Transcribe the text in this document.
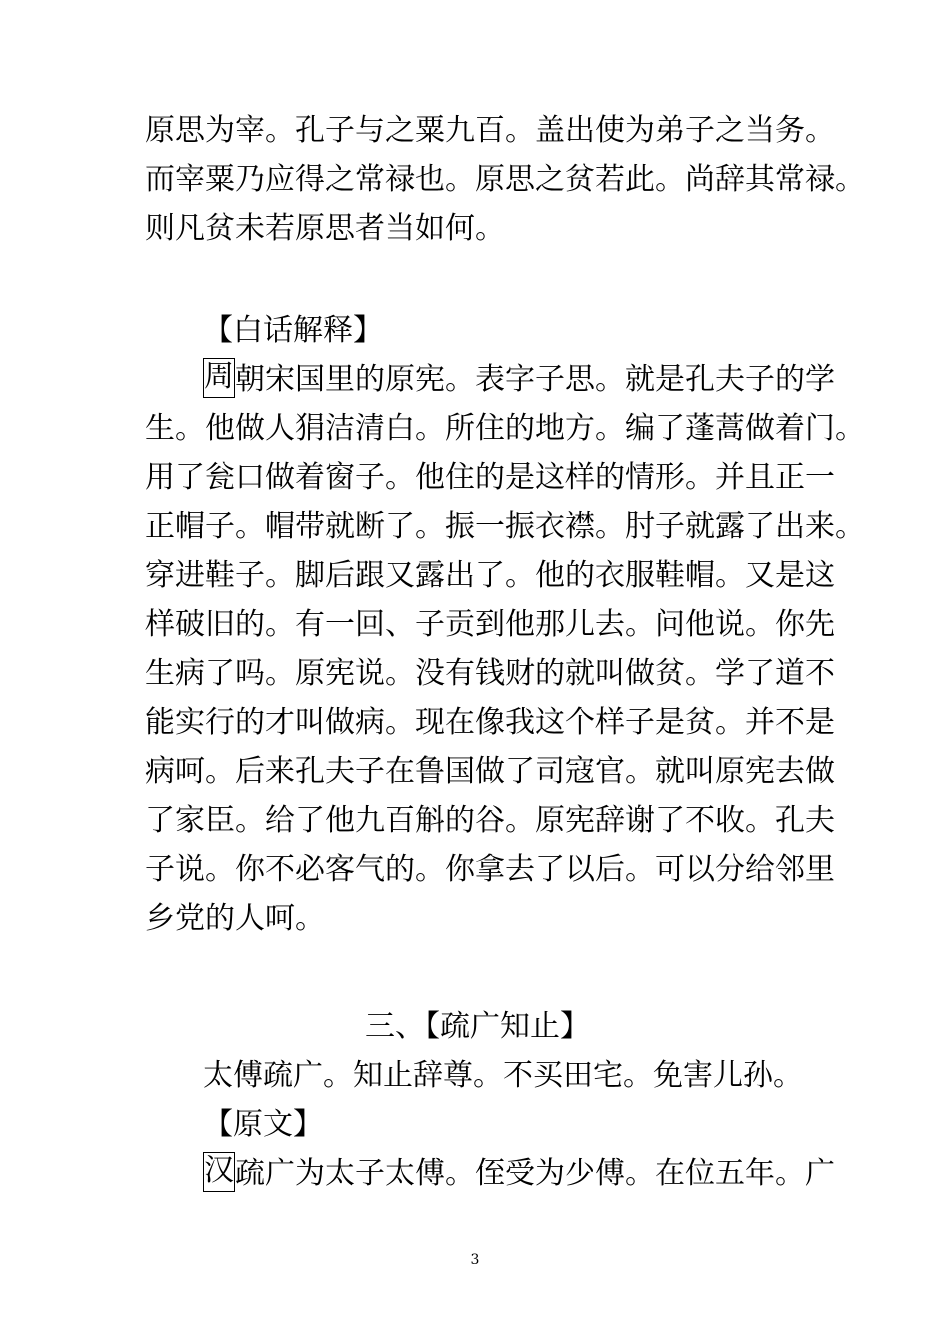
原思为宰。孔子与之粟九百。盖出使为弟子之当务。
而宰粟乃应得之常禄也。原思之贫若此。尚辞其常禄。
则凡贫未若原思者当如何。
【白话解释】
周朝宋国里的原宪。表字子思。就是孔夫子的学
生。他做人狷洁清白。所住的地方。编了蓬蒿做着门。
用了瓮口做着窗子。他住的是这样的情形。并且正一
正帽子。帽带就断了。振一振衣襟。肘子就露了出来。
穿进鞋子。脚后跟又露出了。他的衣服鞋帽。又是这
样破旧的。有一回、子贡到他那儿去。问他说。你先
生病了吗。原宪说。没有钱财的就叫做贫。学了道不
能实行的才叫做病。现在像我这个样子是贫。并不是
病呵。后来孔夫子在鲁国做了司寇官。就叫原宪去做
了家臣。给了他九百斛的谷。原宪辞谢了不收。孔夫
子说。你不必客气的。你拿去了以后。可以分给邻里
乡党的人呵。
三、【疏广知止】
太傅疏广。知止辞尊。不买田宅。免害儿孙。
【原文】
汉疏广为太子太傅。侄受为少傅。在位五年。广
3
